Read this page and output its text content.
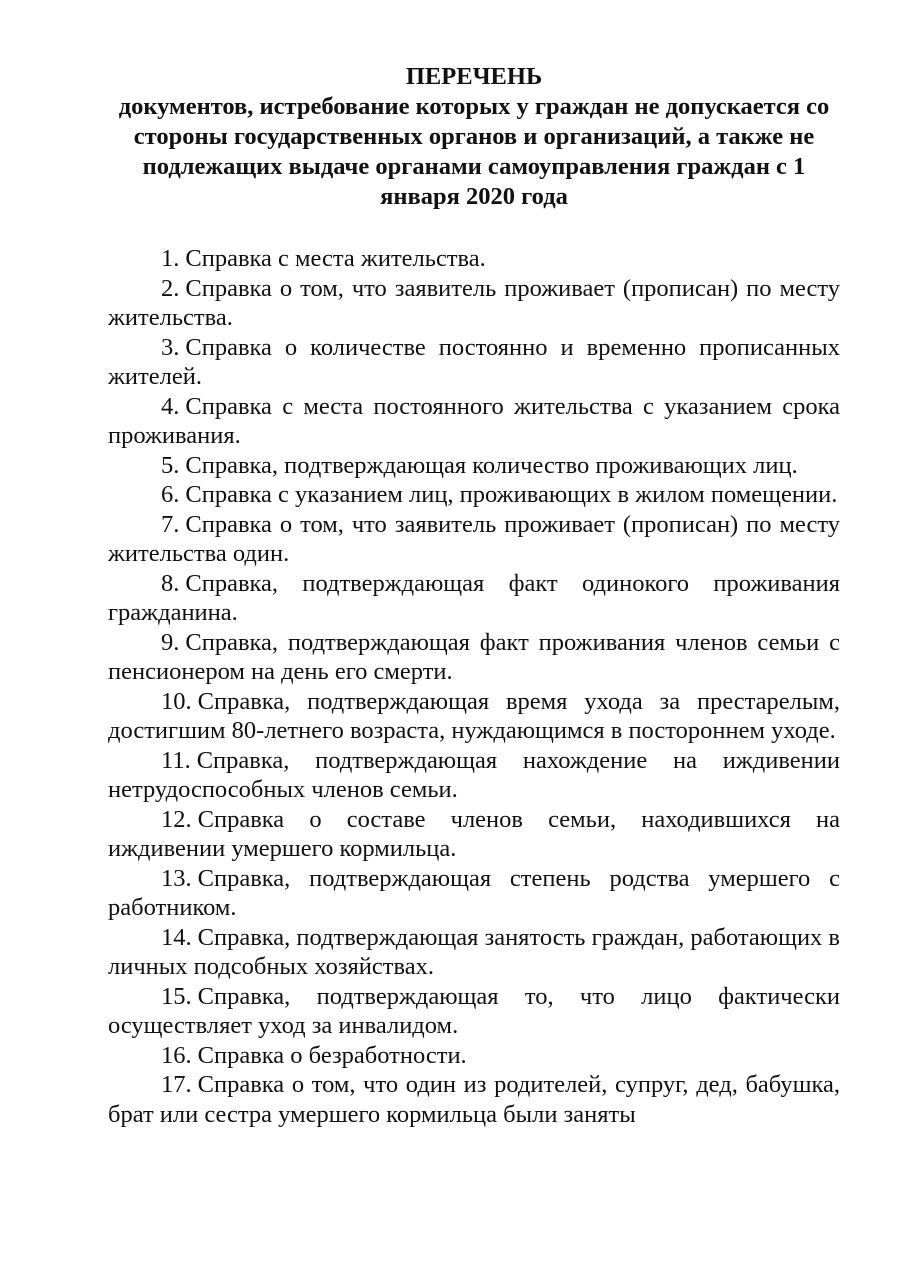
ПЕРЕЧЕНЬ
документов, истребование которых у граждан не допускается со стороны государственных органов и организаций, а также не подлежащих выдаче органами самоуправления граждан с 1 января 2020 года

1. Справка с места жительства.

2. Справка о том, что заявитель проживает (прописан) по месту жительства.

3. Справка о количестве постоянно и временно прописанных жителей.

4. Справка с места постоянного жительства с указанием срока проживания.

5. Справка, подтверждающая количество проживающих лиц.

6. Справка с указанием лиц, проживающих в жилом помещении.

7. Справка о том, что заявитель проживает (прописан) по месту жительства один.

8. Справка, подтверждающая факт одинокого проживания гражданина.

9. Справка, подтверждающая факт проживания членов семьи с пенсионером на день его смерти.

10. Справка, подтверждающая время ухода за престарелым, достигшим 80-летнего возраста, нуждающимся в постороннем уходе.

11. Справка, подтверждающая нахождение на иждивении нетрудоспособных членов семьи.

12. Справка о составе членов семьи, находившихся на иждивении умершего кормильца.

13. Справка, подтверждающая степень родства умершего с работником.

14. Справка, подтверждающая занятость граждан, работающих в личных подсобных хозяйствах.

15. Справка, подтверждающая то, что лицо фактически осуществляет уход за инвалидом.

16. Справка о безработности.

17. Справка о том, что один из родителей, супруг, дед, бабушка, брат или сестра умершего кормильца были заняты
